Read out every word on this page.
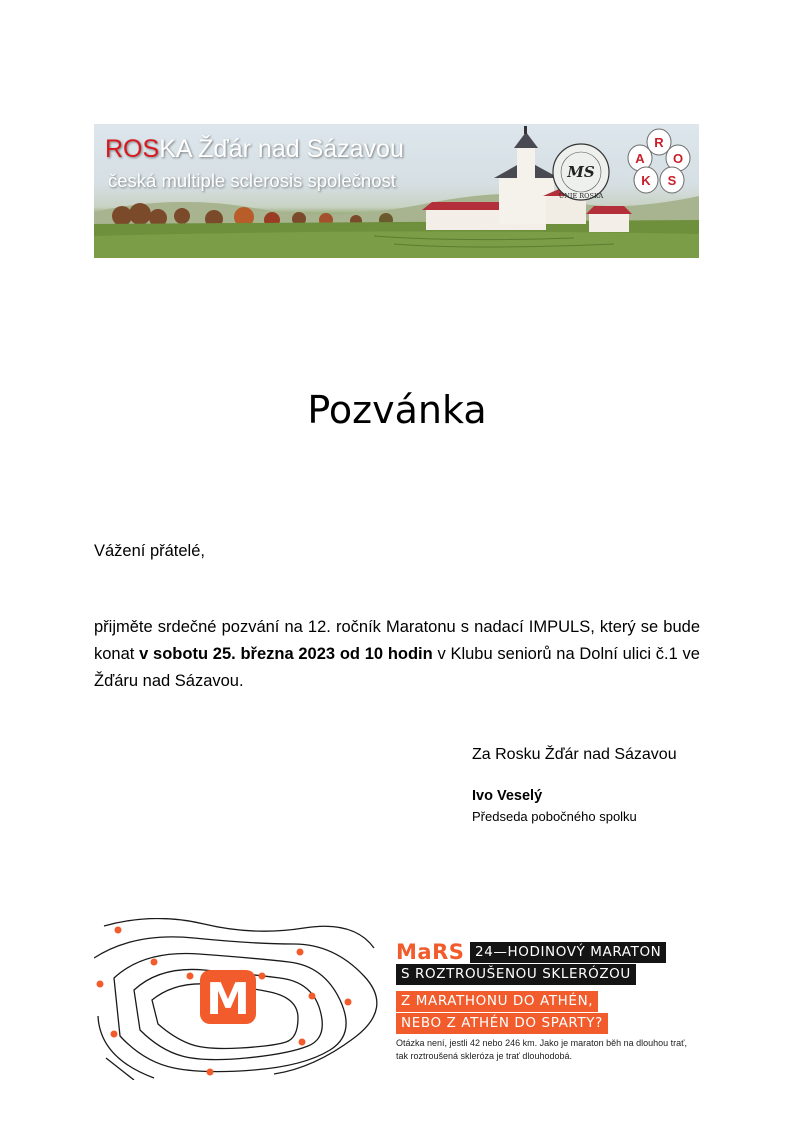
ROSKA Žďár nad Sázavou
česká multiple sclerosis společnost	MS
UNIE ROSKA
R
O
S
K
A
Pozvánka
Vážení přátelé,
přijměte srdečné pozvání na 12. ročník Maratonu s nadací IMPULS, který se bude konat v sobotu 25. března 2023 od 10 hodin v Klubu seniorů na Dolní ulici č.1 ve Žďáru nad Sázavou.
Za Rosku Žďár nad Sázavou
Ivo Veselý
Předseda pobočného spolku
M
MaRS 24—HODINOVÝ MARATON
S ROZTROUŠENOU SKLERÓZOU
Z MARATHONU DO ATHÉN,
NEBO Z ATHÉN DO SPARTY?
Otázka není, jestli 42 nebo 246 km. Jako je maraton běh na dlouhou trať, tak roztroušená skleróza je trať dlouhodobá.
